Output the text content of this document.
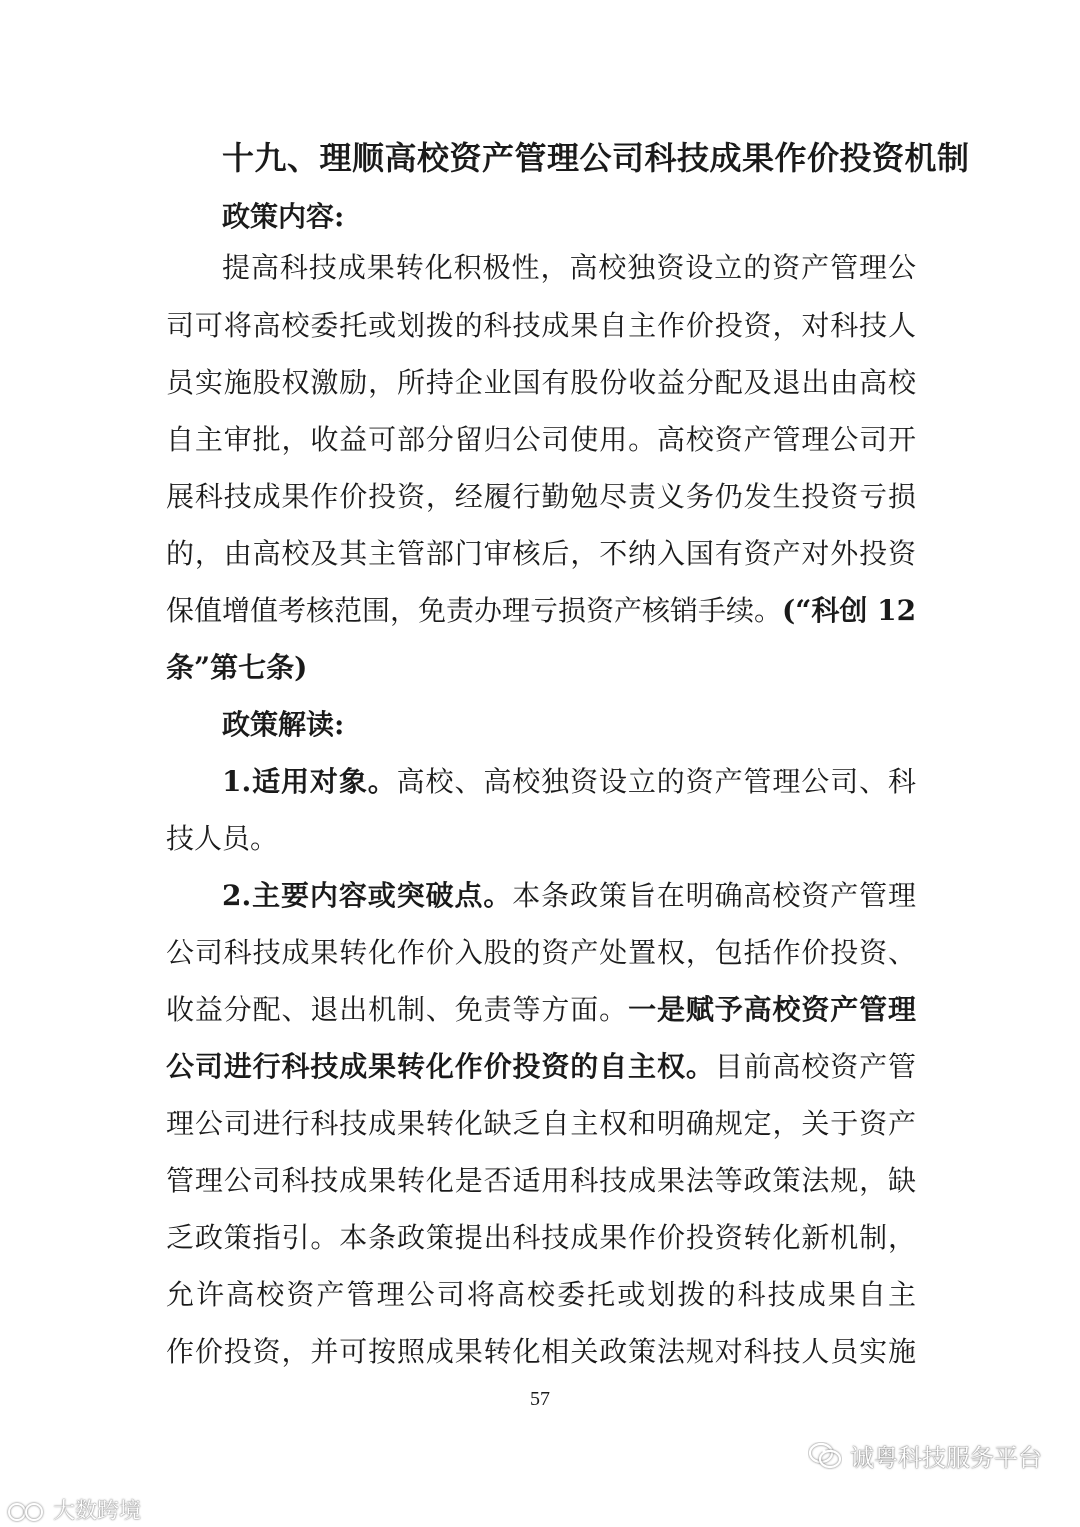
十九、理顺高校资产管理公司科技成果作价投资机制
政策内容:
提高科技成果转化积极性，高校独资设立的资产管理公
司可将高校委托或划拨的科技成果自主作价投资，对科技人
员实施股权激励，所持企业国有股份收益分配及退出由高校
自主审批，收益可部分留归公司使用。高校资产管理公司开
展科技成果作价投资，经履行勤勉尽责义务仍发生投资亏损
的，由高校及其主管部门审核后，不纳入国有资产对外投资
保值增值考核范围，免责办理亏损资产核销手续。(“科创 12
条”第七条)
政策解读:
1.适用对象。高校、高校独资设立的资产管理公司、科
技人员。
2.主要内容或突破点。本条政策旨在明确高校资产管理
公司科技成果转化作价入股的资产处置权，包括作价投资、
收益分配、退出机制、免责等方面。一是赋予高校资产管理
公司进行科技成果转化作价投资的自主权。目前高校资产管
理公司进行科技成果转化缺乏自主权和明确规定，关于资产
管理公司科技成果转化是否适用科技成果法等政策法规，缺
乏政策指引。本条政策提出科技成果作价投资转化新机制，
允许高校资产管理公司将高校委托或划拨的科技成果自主
作价投资，并可按照成果转化相关政策法规对科技人员实施
57
诚粤科技服务平台
大数跨境
